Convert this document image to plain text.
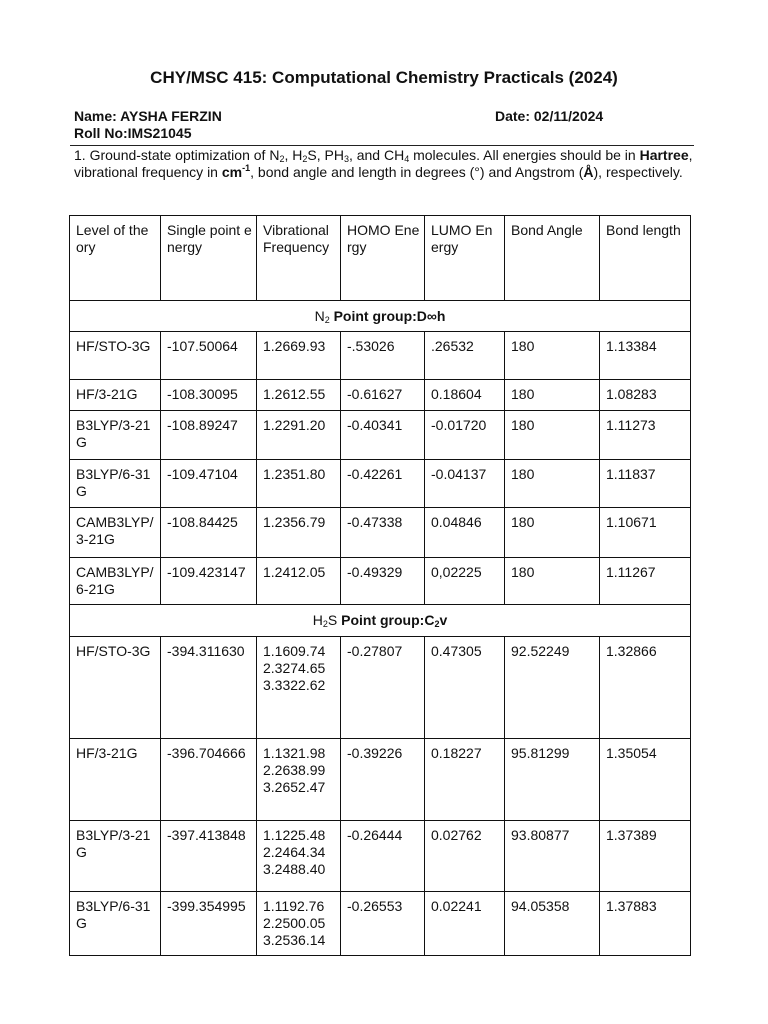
CHY/MSC 415: Computational Chemistry Practicals (2024)
Name: AYSHA FERZIN	Date: 02/11/2024
Roll No:IMS21045
1. Ground-state optimization of $N_2$, $H_2S$, $PH_3$, and $CH_4$ molecules. All energies should be in Hartree, vibrational frequency in $cm^{-1}$, bond angle and length in degrees (°) and Angstrom (Å), respectively.
Level of theory	Single point energy	Vibrational Frequency	HOMO Energy	LUMO Energy	Bond Angle	Bond length
$N_2$ Point group:D∞h						
HF/STO-3G	-107.50064	1.2669.93	-.53026	.26532	180	1.13384
HF/3-21G	-108.30095	1.2612.55	-0.61627	0.18604	180	1.08283
B3LYP/3-21G	-108.89247	1.2291.20	-0.40341	-0.01720	180	1.11273
B3LYP/6-31G	-109.47104	1.2351.80	-0.42261	-0.04137	180	1.11837
CAMB3LYP/3-21G	-108.84425	1.2356.79	-0.47338	0.04846	180	1.10671
CAMB3LYP/6-21G	-109.423147	1.2412.05	-0.49329	0,02225	180	1.11267
$H_2S$ Point group:C2v						
HF/STO-3G	-394.311630	1.1609.74
2.3274.65
3.3322.62	-0.27807	0.47305	92.52249	1.32866
HF/3-21G	-396.704666	1.1321.98
2.2638.99
3.2652.47	-0.39226	0.18227	95.81299	1.35054
B3LYP/3-21G	-397.413848	1.1225.48
2.2464.34
3.2488.40	-0.26444	0.02762	93.80877	1.37389
B3LYP/6-31G	-399.354995	1.1192.76
2.2500.05
3.2536.14	-0.26553	0.02241	94.05358	1.37883
